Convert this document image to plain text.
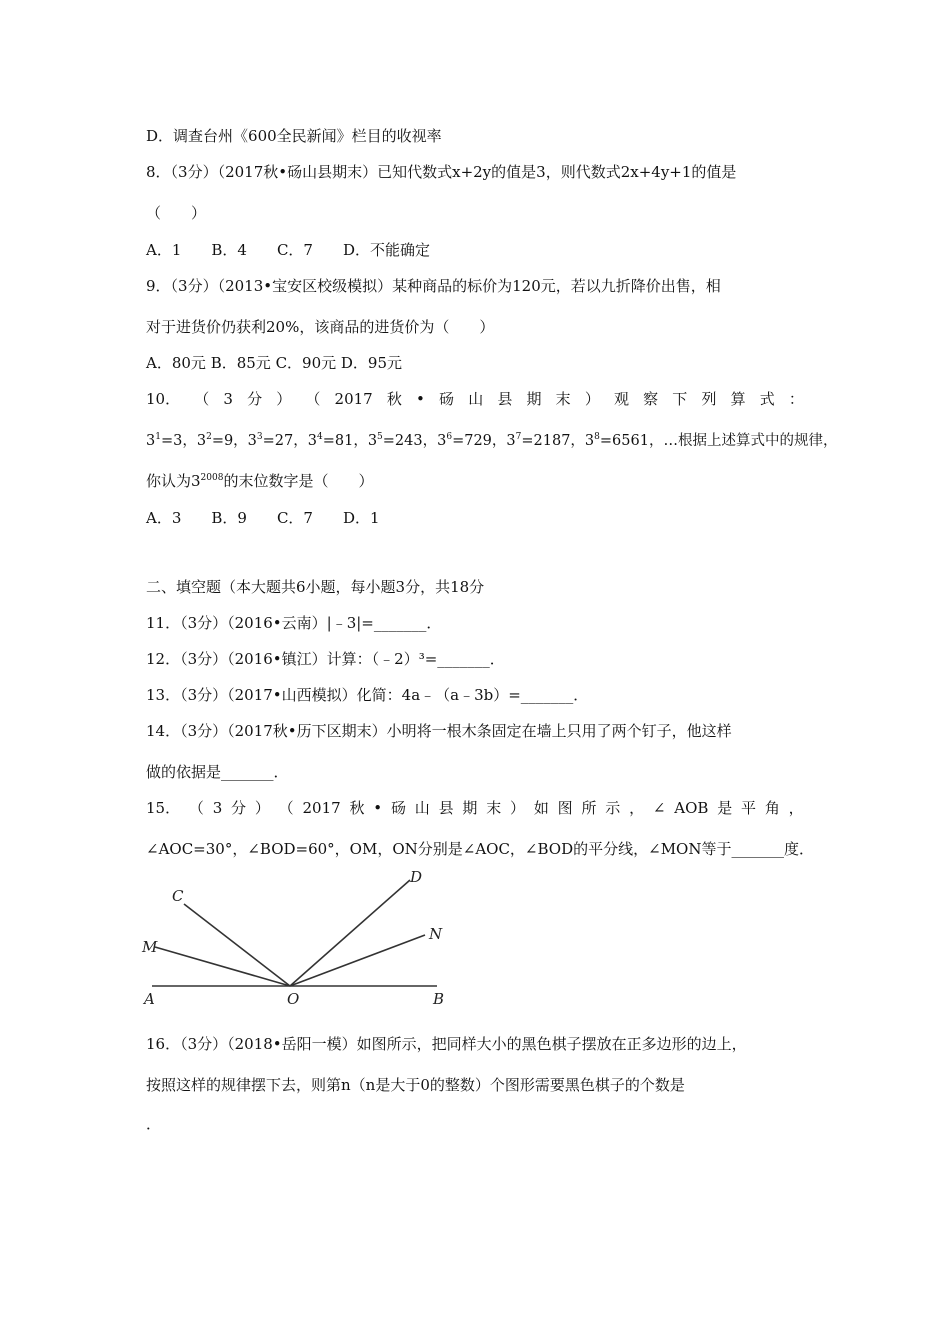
D．调查台州《600全民新闻》栏目的收视率
8．（3分）（2017秋•砀山县期末）已知代数式x+2y的值是3，则代数式2x+4y+1的值是
（　　）
A．1　　B．4　　C．7　　D．不能确定
9．（3分）（2013•宝安区校级模拟）某种商品的标价为120元，若以九折降价出售，相
对于进货价仍获利20%，该商品的进货价为（　　）
A．80元 B．85元 C．90元 D．95元
10． （ 3 分 ） （ 2017 秋 • 砀 山 县 期 末 ） 观 察 下 列 算 式 ：
$3^1=3$，$3^2=9$，$3^3=27$，$3^4=81$，$3^5=243$，$3^6=729$，$3^7=2187$，$3^8=6561$，…根据上述算式中的规律，
你认为$3^{2008}$的末位数字是（　　）
A．3　　B．9　　C．7　　D．1
二、填空题（本大题共6小题，每小题3分，共18分
11．（3分）（2016•云南）|﹣3|=_______．
12．（3分）（2016•镇江）计算：（﹣2）³=_______．
13．（3分）（2017•山西模拟）化简：4a﹣（a﹣3b）=_______．
14．（3分）（2017秋•历下区期末）小明将一根木条固定在墙上只用了两个钉子，他这样
做的依据是_______．
15． （ 3 分 ） （ 2017 秋 • 砀 山 县 期 末 ） 如 图 所 示 ， ∠ AOB 是 平 角 ，
∠AOC=30°，∠BOD=60°，OM，ON分别是∠AOC，∠BOD的平分线，∠MON等于_______度．
C
D
N
M
A	O	B
16．（3分）（2018•岳阳一模）如图所示，把同样大小的黑色棋子摆放在正多边形的边上，
按照这样的规律摆下去，则第n（n是大于0的整数）个图形需要黑色棋子的个数是
．
